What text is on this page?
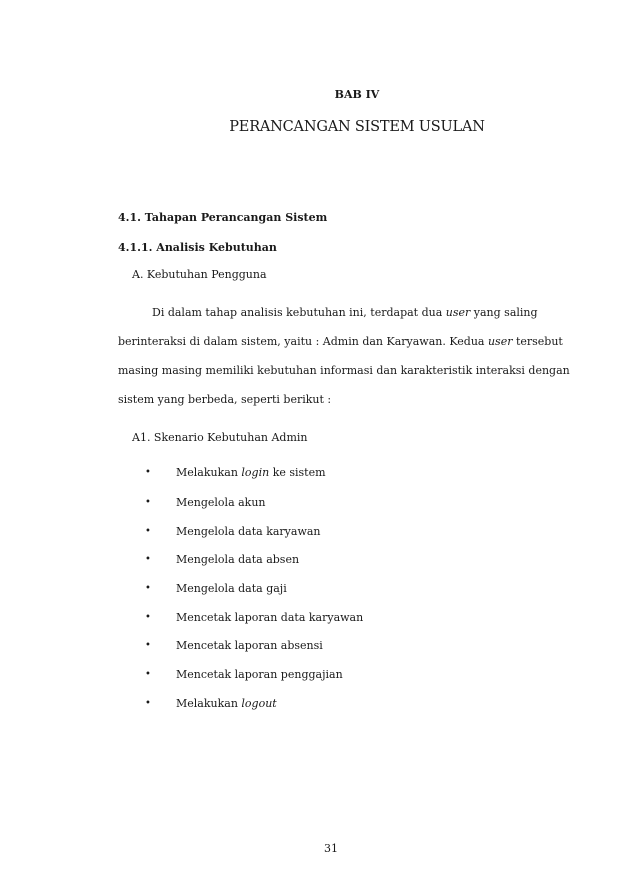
BAB IV
PERANCANGAN SISTEM USULAN
4.1. Tahapan Perancangan Sistem
4.1.1. Analisis Kebutuhan
A. Kebutuhan Pengguna
Di dalam tahap analisis kebutuhan ini, terdapat dua user yang saling
berinteraksi di dalam sistem, yaitu : Admin dan Karyawan. Kedua user tersebut
masing masing memiliki kebutuhan informasi dan karakteristik interaksi dengan
sistem yang berbeda, seperti berikut :
A1. Skenario Kebutuhan Admin
• Melakukan login ke sistem
• Mengelola akun
• Mengelola data karyawan
• Mengelola data absen
• Mengelola data gaji
• Mencetak laporan data karyawan
• Mencetak laporan absensi
• Mencetak laporan penggajian
• Melakukan logout
31
